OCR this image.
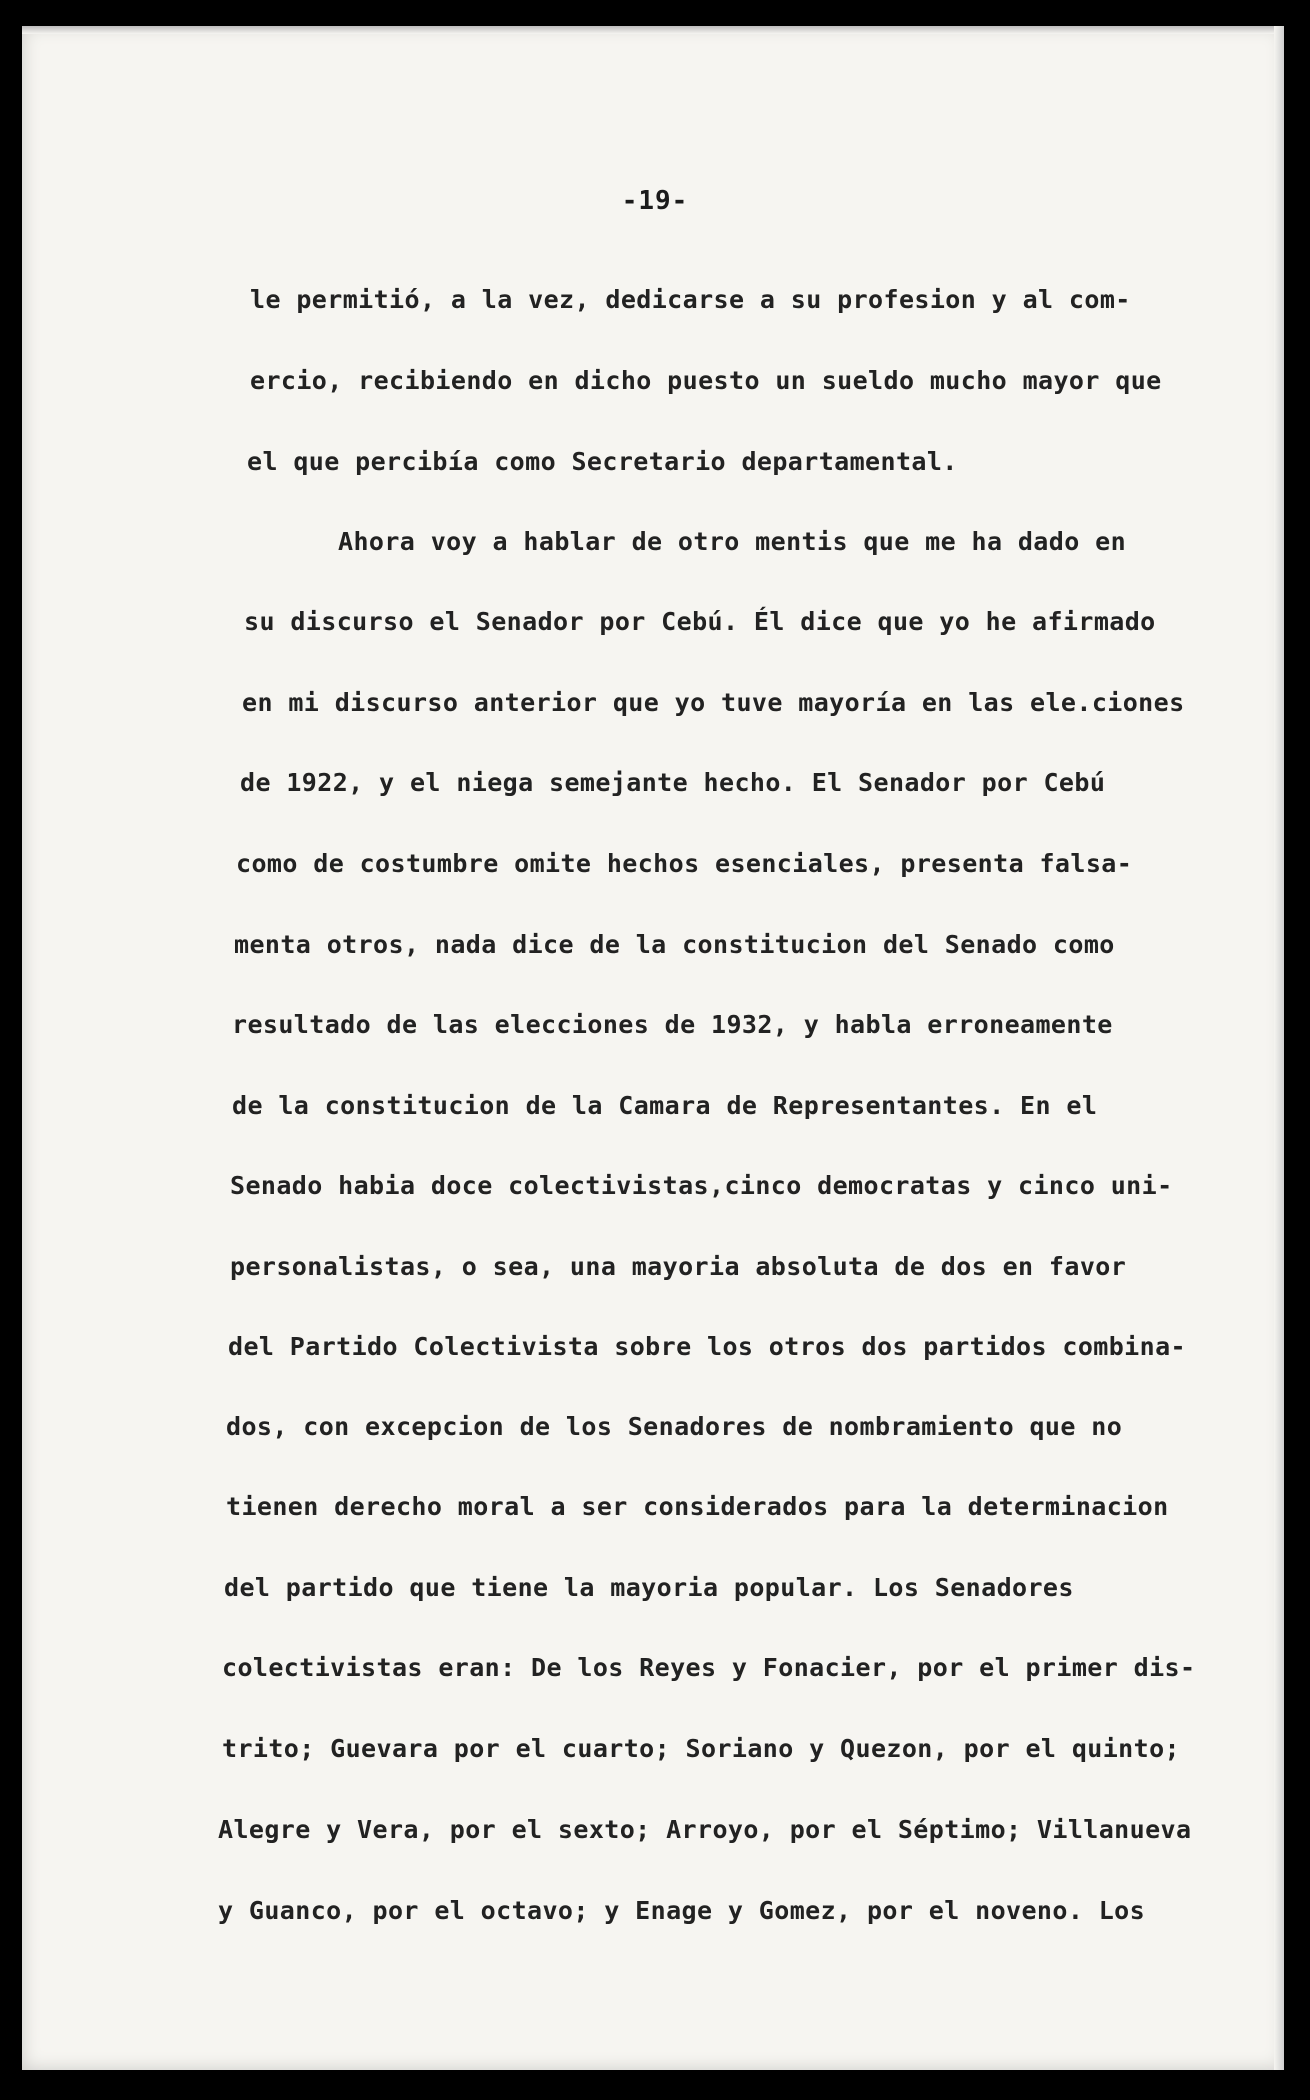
-19-
le permitió, a la vez, dedicarse a su profesion y al com-
ercio, recibiendo en dicho puesto un sueldo mucho mayor que
el que percibía como Secretario departamental.
Ahora voy a hablar de otro mentis que me ha dado en
su discurso el Senador por Cebú. Él dice que yo he afirmado
en mi discurso anterior que yo tuve mayoría en las ele.ciones
de 1922, y el niega semejante hecho. El Senador por Cebú
como de costumbre omite hechos esenciales, presenta falsa-
menta otros, nada dice de la constitucion del Senado como
resultado de las elecciones de 1932, y habla erroneamente
de la constitucion de la Camara de Representantes. En el
Senado habia doce colectivistas,cinco democratas y cinco uni-
personalistas, o sea, una mayoria absoluta de dos en favor
del Partido Colectivista sobre los otros dos partidos combina-
dos, con excepcion de los Senadores de nombramiento que no
tienen derecho moral a ser considerados para la determinacion
del partido que tiene la mayoria popular. Los Senadores
colectivistas eran: De los Reyes y Fonacier, por el primer dis-
trito; Guevara por el cuarto; Soriano y Quezon, por el quinto;
Alegre y Vera, por el sexto; Arroyo, por el Séptimo; Villanueva
y Guanco, por el octavo; y Enage y Gomez, por el noveno. Los
